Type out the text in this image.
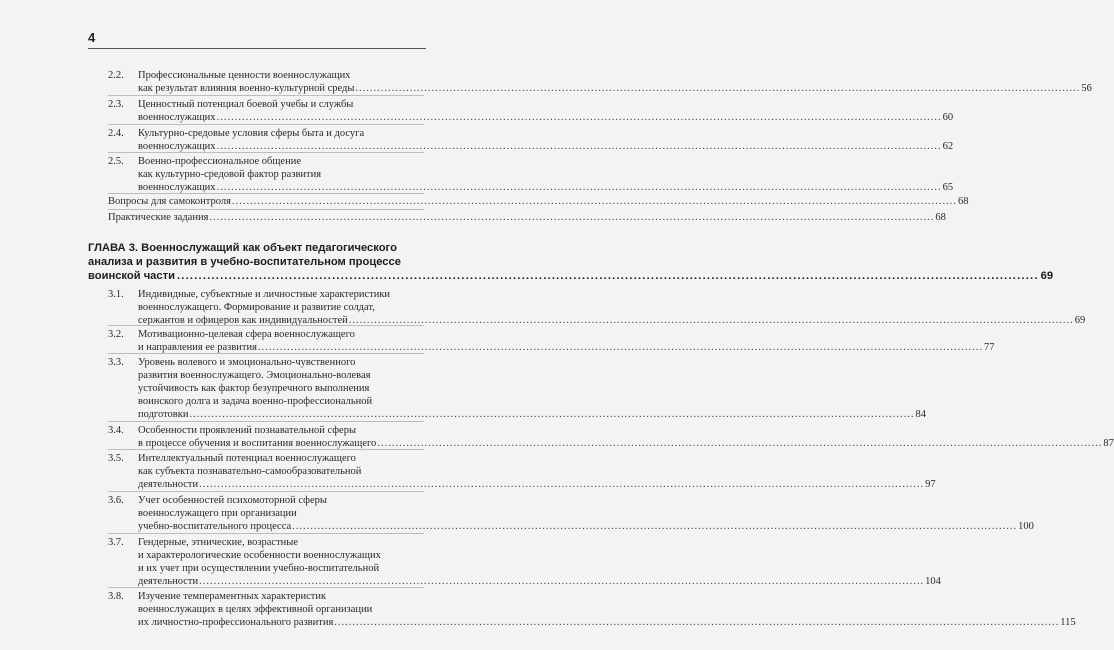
4
2.2.	Профессиональные ценности военнослужащих
как результат влияния военно-культурной среды ........................................................................................................................................................................................................ 56
2.3.	Ценностный потенциал боевой учебы и службы
военнослужащих ........................................................................................................................................................................................................ 60
2.4.	Культурно-средовые условия сферы быта и досуга
военнослужащих ........................................................................................................................................................................................................ 62
2.5.	Военно-профессиональное общение
как культурно-средовой фактор развития
военнослужащих ........................................................................................................................................................................................................ 65
Вопросы для самоконтроля ........................................................................................................................................................................................................ 68
Практические задания ........................................................................................................................................................................................................ 68
ГЛАВА 3. Военнослужащий как объект педагогического
анализа и развития в учебно-воспитательном процессе
воинской части ........................................................................................................................................................................................................ 69
3.1.	Индивидные, субъектные и личностные характеристики
военнослужащего. Формирование и развитие солдат,
сержантов и офицеров как индивидуальностей ........................................................................................................................................................................................................ 69
3.2.	Мотивационно-целевая сфера военнослужащего
и направления ее развития ........................................................................................................................................................................................................ 77
3.3.	Уровень волевого и эмоционально-чувственного
развития военнослужащего. Эмоционально-волевая
устойчивость как фактор безупречного выполнения
воинского долга и задача военно-профессиональной
подготовки ........................................................................................................................................................................................................ 84
3.4.	Особенности проявлений познавательной сферы
в процессе обучения и воспитания военнослужащего ........................................................................................................................................................................................................ 87
3.5.	Интеллектуальный потенциал военнослужащего
как субъекта познавательно-самообразовательной
деятельности ........................................................................................................................................................................................................ 97
3.6.	Учет особенностей психомоторной сферы
военнослужащего при организации
учебно-воспитательного процесса ........................................................................................................................................................................................................ 100
3.7.	Гендерные, этнические, возрастные
и характерологические особенности военнослужащих
и их учет при осуществлении учебно-воспитательной
деятельности ........................................................................................................................................................................................................ 104
3.8.	Изучение темпераментных характеристик
военнослужащих в целях эффективной организации
их личностно-профессионального развития ........................................................................................................................................................................................................ 115
